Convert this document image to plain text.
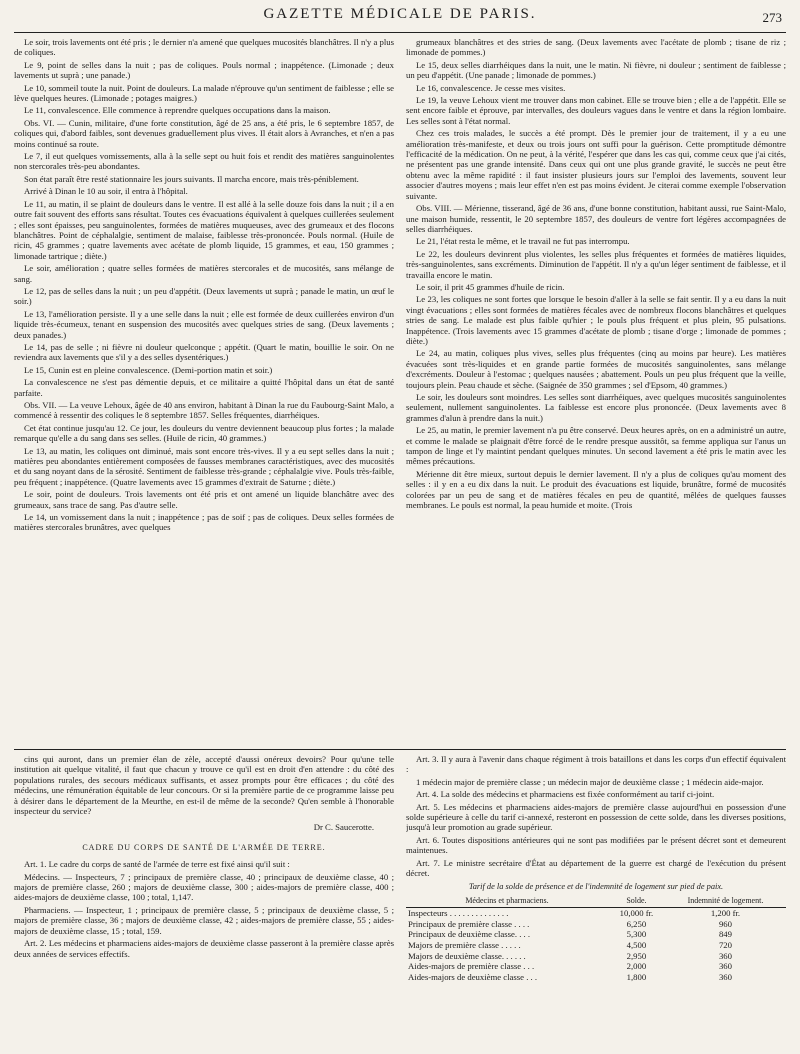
GAZETTE MÉDICALE DE PARIS.	273

Le soir, trois lavements ont été pris ; le dernier n'a amené que quelques mucosités blanchâtres. Il n'y a plus de coliques.

Le 9, point de selles dans la nuit ; pas de coliques. Pouls normal ; inappétence. (Limonade ; deux lavements ut suprà ; une panade.)

Le 10, sommeil toute la nuit. Point de douleurs. La malade n'éprouve qu'un sentiment de faiblesse ; elle se lève quelques heures. (Limonade ; potages maigres.)

Le 11, convalescence. Elle commence à reprendre quelques occupations dans la maison.

Obs. VI. — Cunin, militaire, d'une forte constitution, âgé de 25 ans, a été pris, le 6 septembre 1857, de coliques qui, d'abord faibles, sont devenues graduellement plus vives. Il était alors à Avranches, et n'en a pas moins continué sa route.

Le 7, il eut quelques vomissements, alla à la selle sept ou huit fois et rendit des matières sanguinolentes non stercorales très-peu abondantes.

Son état paraît être resté stationnaire les jours suivants. Il marcha encore, mais très-péniblement.

Arrivé à Dinan le 10 au soir, il entra à l'hôpital.

Le 11, au matin, il se plaint de douleurs dans le ventre. Il est allé à la selle douze fois dans la nuit ; il a en outre fait souvent des efforts sans résultat. Toutes ces évacuations équivalent à quelques cuillerées seulement ; elles sont épaisses, peu sanguinolentes, formées de matières muqueuses, avec des grumeaux et des flocons blanchâtres. Point de céphalalgie, sentiment de malaise, faiblesse très-prononcée. Pouls normal. (Huile de ricin, 45 grammes ; quatre lavements avec acétate de plomb liquide, 15 grammes, et eau, 150 grammes ; limonade tartrique ; diète.)

Le soir, amélioration ; quatre selles formées de matières stercorales et de mucosités, sans mélange de sang.

Le 12, pas de selles dans la nuit ; un peu d'appétit. (Deux lavements ut suprà ; panade le matin, un œuf le soir.)

Le 13, l'amélioration persiste. Il y a une selle dans la nuit ; elle est formée de deux cuillerées environ d'un liquide très-écumeux, tenant en suspension des mucosités avec quelques stries de sang. (Deux lavements ; deux panades.)

Le 14, pas de selle ; ni fièvre ni douleur quelconque ; appétit. (Quart le matin, bouillie le soir. On ne reviendra aux lavements que s'il y a des selles dysentériques.)

Le 15, Cunin est en pleine convalescence. (Demi-portion matin et soir.)

La convalescence ne s'est pas démentie depuis, et ce militaire a quitté l'hôpital dans un état de santé parfaite.

Obs. VII. — La veuve Lehoux, âgée de 40 ans environ, habitant à Dinan la rue du Faubourg-Saint Malo, a commencé à ressentir des coliques le 8 septembre 1857. Selles fréquentes, diarrhéiques.

Cet état continue jusqu'au 12. Ce jour, les douleurs du ventre deviennent beaucoup plus fortes ; la malade remarque qu'elle a du sang dans ses selles. (Huile de ricin, 40 grammes.)

Le 13, au matin, les coliques ont diminué, mais sont encore très-vives. Il y a eu sept selles dans la nuit ; matières peu abondantes entièrement composées de fausses membranes caractéristiques, avec des mucosités et du sang noyant dans de la sérosité. Sentiment de faiblesse très-grande ; céphalalgie vive. Pouls très-faible, peu fréquent ; inappétence. (Quatre lavements avec 15 grammes d'extrait de Saturne ; diète.)

Le soir, point de douleurs. Trois lavements ont été pris et ont amené un liquide blanchâtre avec des grumeaux, sans trace de sang. Pas d'autre selle.

Le 14, un vomissement dans la nuit ; inappétence ; pas de soif ; pas de coliques. Deux selles formées de matières stercorales brunâtres, avec quelques

grumeaux blanchâtres et des stries de sang. (Deux lavements avec l'acétate de plomb ; tisane de riz ; limonade de pommes.)

Le 15, deux selles diarrhéiques dans la nuit, une le matin. Ni fièvre, ni douleur ; sentiment de faiblesse ; un peu d'appétit. (Une panade ; limonade de pommes.)

Le 16, convalescence. Je cesse mes visites.

Le 19, la veuve Lehoux vient me trouver dans mon cabinet. Elle se trouve bien ; elle a de l'appétit. Elle se sent encore faible et éprouve, par intervalles, des douleurs vagues dans le ventre et dans la région lombaire. Les selles sont à l'état normal.

Chez ces trois malades, le succès a été prompt. Dès le premier jour de traitement, il y a eu une amélioration très-manifeste, et deux ou trois jours ont suffi pour la guérison. Cette promptitude démontre l'efficacité de la médication. On ne peut, à la vérité, l'espérer que dans les cas qui, comme ceux que j'ai cités, ne présentent pas une grande intensité. Dans ceux qui ont une plus grande gravité, le succès ne peut être obtenu avec la même rapidité : il faut insister plusieurs jours sur l'emploi des lavements, souvent leur associer d'autres moyens ; mais leur effet n'en est pas moins évident. Je citerai comme exemple l'observation suivante.

Obs. VIII. — Mérienne, tisserand, âgé de 36 ans, d'une bonne constitution, habitant aussi, rue Saint-Malo, une maison humide, ressentit, le 20 septembre 1857, des douleurs de ventre fort légères accompagnées de selles diarrhéiques.

Le 21, l'état resta le même, et le travail ne fut pas interrompu.

Le 22, les douleurs devinrent plus violentes, les selles plus fréquentes et formées de matières liquides, très-sanguinolentes, sans excréments. Diminution de l'appétit. Il n'y a qu'un léger sentiment de faiblesse, et il travailla encore le matin.

Le soir, il prit 45 grammes d'huile de ricin.

Le 23, les coliques ne sont fortes que lorsque le besoin d'aller à la selle se fait sentir. Il y a eu dans la nuit vingt évacuations ; elles sont formées de matières fécales avec de nombreux flocons blanchâtres et quelques stries de sang. Le malade est plus faible qu'hier ; le pouls plus fréquent et plus plein, 95 pulsations. Inappétence. (Trois lavements avec 15 grammes d'acétate de plomb ; tisane d'orge ; limonade de pommes ; diète.)

Le 24, au matin, coliques plus vives, selles plus fréquentes (cinq au moins par heure). Les matières évacuées sont très-liquides et en grande partie formées de mucosités sanguinolentes, sans mélange d'excréments. Douleur à l'estomac ; quelques nausées ; abattement. Pouls un peu plus fréquent que la veille, toujours plein. Peau chaude et sèche. (Saignée de 350 grammes ; sel d'Epsom, 40 grammes.)

Le soir, les douleurs sont moindres. Les selles sont diarrhéiques, avec quelques mucosités sanguinolentes seulement, nullement sanguinolentes. La faiblesse est encore plus prononcée. (Deux lavements avec 8 grammes d'alun à prendre dans la nuit.)

Le 25, au matin, le premier lavement n'a pu être conservé. Deux heures après, on en a administré un autre, et comme le malade se plaignait d'être forcé de le rendre presque aussitôt, sa femme appliqua sur l'anus un tampon de linge et l'y maintint pendant quelques minutes. Un second lavement a été pris le matin avec les mêmes précautions.

Mérienne dit être mieux, surtout depuis le dernier lavement. Il n'y a plus de coliques qu'au moment des selles : il y en a eu dix dans la nuit. Le produit des évacuations est liquide, brunâtre, formé de mucosités colorées par un peu de sang et de matières fécales en peu de quantité, mêlées de quelques fausses membranes. Le pouls est normal, la peau humide et moite. (Trois

cins qui auront, dans un premier élan de zèle, accepté d'aussi onéreux devoirs? Pour qu'une telle institution ait quelque vitalité, il faut que chacun y trouve ce qu'il est en droit d'en attendre : du côté des populations rurales, des secours médicaux suffisants, et assez prompts pour être efficaces ; du côté des médecins, une rémunération équitable de leur concours. Or si la première partie de ce programme laisse peu à désirer dans le département de la Meurthe, en est-il de même de la seconde? Qu'en semble à l'honorable inspecteur du service?

Dr C. Saucerotte.
CADRE DU CORPS DE SANTÉ DE L'ARMÉE DE TERRE.

Art. 1. Le cadre du corps de santé de l'armée de terre est fixé ainsi qu'il suit :

Médecins. — Inspecteurs, 7 ; principaux de première classe, 40 ; principaux de deuxième classe, 40 ; majors de première classe, 260 ; majors de deuxième classe, 300 ; aides-majors de première classe, 400 ; aides-majors de deuxième classe, 100 ; total, 1,147.

Pharmaciens. — Inspecteur, 1 ; principaux de première classe, 5 ; principaux de deuxième classe, 5 ; majors de première classe, 36 ; majors de deuxième classe, 42 ; aides-majors de première classe, 55 ; aides-majors de deuxième classe, 15 ; total, 159.

Art. 2. Les médecins et pharmaciens aides-majors de deuxième classe passeront à la première classe après deux années de services effectifs.

Art. 3. Il y aura à l'avenir dans chaque régiment à trois bataillons et dans les corps d'un effectif équivalent :

1 médecin major de première classe ; un médecin major de deuxième classe ; 1 médecin aide-major.

Art. 4. La solde des médecins et pharmaciens est fixée conformément au tarif ci-joint.

Art. 5. Les médecins et pharmaciens aides-majors de première classe aujourd'hui en possession d'une solde supérieure à celle du tarif ci-annexé, resteront en possession de cette solde, dans les diverses positions, jusqu'à leur promotion au grade supérieur.

Art. 6. Toutes dispositions antérieures qui ne sont pas modifiées par le présent décret sont et demeurent maintenues.

Art. 7. Le ministre secrétaire d'État au département de la guerre est chargé de l'exécution du présent décret.

Tarif de la solde de présence et de l'indemnité de logement sur pied de paix.
Médecins et pharmaciens.	Solde.	Indemnité de logement.
Inspecteurs . . . . . . . . . . . . . .	10,000 fr.	1,200 fr.
Principaux de première classe . . . .	6,250	960
Principaux de deuxième classe. . . .	5,300	849
Majors de première classe . . . . .	4,500	720
Majors de deuxième classe. . . . . .	2,950	360
Aides-majors de première classe . . .	2,000	360
Aides-majors de deuxième classe . . .	1,800	360
